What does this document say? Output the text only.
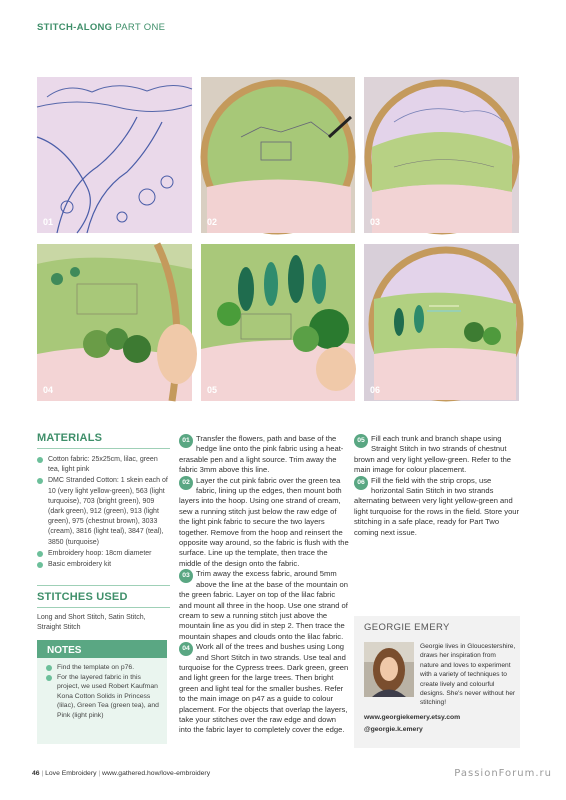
STITCH-ALONG PART ONE
01	02	03
04	05	06
MATERIALS
Cotton fabric: 25x25cm, lilac, green tea, light pink
DMC Stranded Cotton: 1 skein each of 10 (very light yellow-green), 563 (light turquoise), 703 (bright green), 909 (dark green), 912 (green), 913 (light green), 975 (chestnut brown), 3033 (cream), 3816 (light teal), 3847 (teal), 3850 (turquoise)
Embroidery hoop: 18cm diameter
Basic embroidery kit
STITCHES USED
Long and Short Stitch, Satin Stitch, Straight Stitch
NOTES
Find the template on p76.
For the layered fabric in this project, we used Robert Kaufman Kona Cotton Solids in Princess (lilac), Green Tea (green tea), and Pink (light pink)
01 Transfer the flowers, path and base of the hedge line onto the pink fabric using a heat-erasable pen and a light source. Trim away the fabric 3mm above this line.
02 Layer the cut pink fabric over the green tea fabric, lining up the edges, then mount both layers into the hoop. Using one strand of cream, sew a running stitch just below the raw edge of the light pink fabric to secure the two layers together. Remove from the hoop and reinsert the opposite way around, so the fabric is flush with the surface. Line up the template, then trace the middle of the design onto the fabric.
03 Trim away the excess fabric, around 5mm above the line at the base of the mountain on the green fabric. Layer on top of the lilac fabric and mount all three in the hoop. Use one strand of cream to sew a running stitch just above the mountain line as you did in step 2. Then trace the mountain shapes and clouds onto the lilac fabric.
04 Work all of the trees and bushes using Long and Short Stitch in two strands. Use teal and turquoise for the Cypress trees. Dark green, green and light green for the large trees. Then bright green and light teal for the smaller bushes. Refer to the main image on p47 as a guide to colour placement. For the objects that overlap the layers, take your stitches over the raw edge and down into the fabric layer to completely cover the edge.
05 Fill each trunk and branch shape using Straight Stitch in two strands of chestnut brown and very light yellow-green. Refer to the main image for colour placement.
06 Fill the field with the strip crops, use horizontal Satin Stitch in two strands alternating between very light yellow-green and light turquoise for the rows in the field. Store your stitching in a safe place, ready for Part Two coming next issue.
GEORGIE EMERY
Georgie lives in Gloucestershire, draws her inspiration from nature and loves to experiment with a variety of techniques to create lively and colourful designs. She's never without her stitching!
www.georgiekemery.etsy.com
@georgie.k.emery
46 | Love Embroidery | www.gathered.how/love-embroidery	PassionForum.ru
